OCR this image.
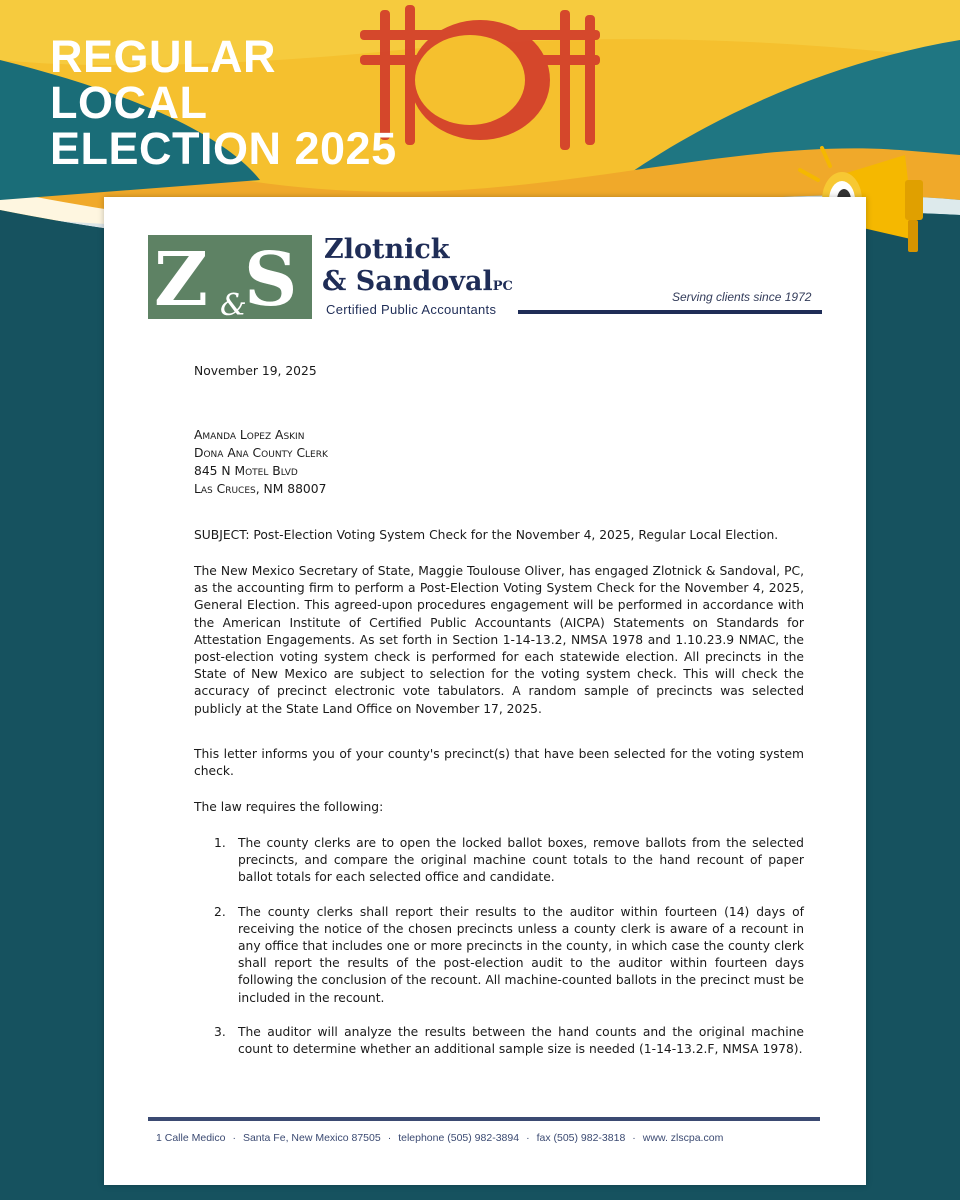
REGULAR
LOCAL
ELECTION 2025
Z S
&
Zlotnick
& SandovalPC
Certified Public Accountants
Serving clients since 1972
November 19, 2025
Amanda Lopez Askin
Dona Ana County Clerk
845 N Motel Blvd
Las Cruces, NM 88007
SUBJECT: Post-Election Voting System Check for the November 4, 2025, Regular Local Election.
The New Mexico Secretary of State, Maggie Toulouse Oliver, has engaged Zlotnick & Sandoval, PC, as the accounting firm to perform a Post-Election Voting System Check for the November 4, 2025, General Election. This agreed-upon procedures engagement will be performed in accordance with the American Institute of Certified Public Accountants (AICPA) Statements on Standards for Attestation Engagements. As set forth in Section 1-14-13.2, NMSA 1978 and 1.10.23.9 NMAC, the post-election voting system check is performed for each statewide election. All precincts in the State of New Mexico are subject to selection for the voting system check. This will check the accuracy of precinct electronic vote tabulators. A random sample of precincts was selected publicly at the State Land Office on November 17, 2025.
This letter informs you of your county's precinct(s) that have been selected for the voting system check.
The law requires the following:
1. The county clerks are to open the locked ballot boxes, remove ballots from the selected precincts, and compare the original machine count totals to the hand recount of paper ballot totals for each selected office and candidate.
2. The county clerks shall report their results to the auditor within fourteen (14) days of receiving the notice of the chosen precincts unless a county clerk is aware of a recount in any office that includes one or more precincts in the county, in which case the county clerk shall report the results of the post-election audit to the auditor within fourteen days following the conclusion of the recount. All machine-counted ballots in the precinct must be included in the recount.
3. The auditor will analyze the results between the hand counts and the original machine count to determine whether an additional sample size is needed (1-14-13.2.F, NMSA 1978).
1 Calle Medico · Santa Fe, New Mexico 87505 · telephone (505) 982-3894 · fax (505) 982-3818 · www. zlscpa.com
